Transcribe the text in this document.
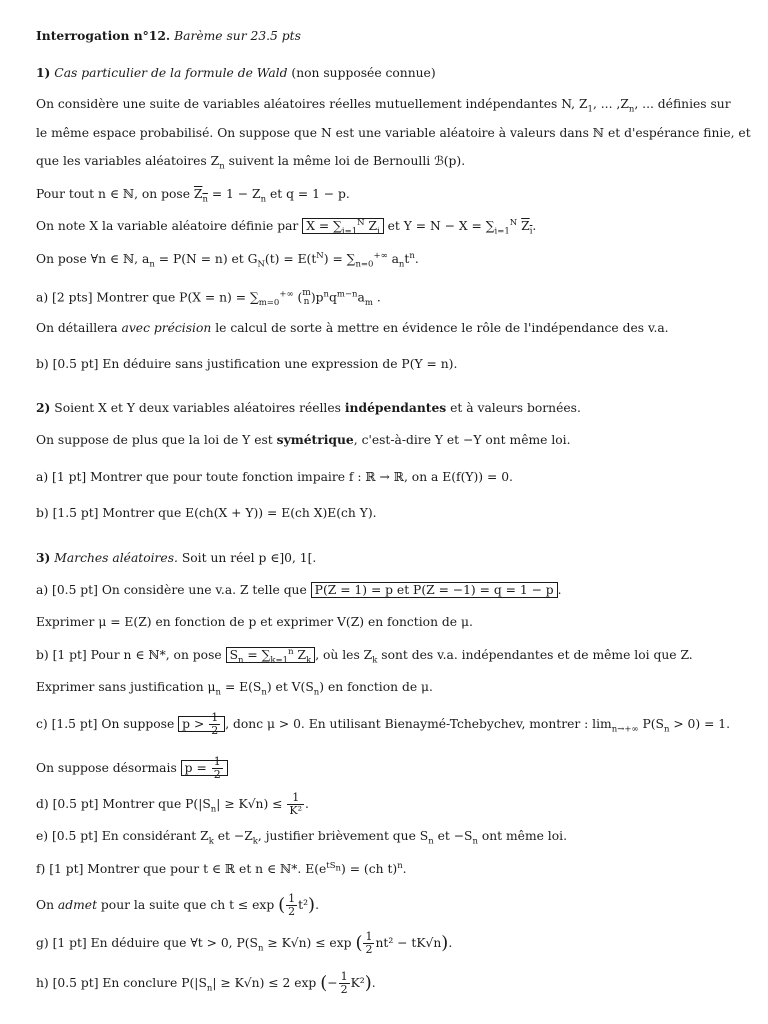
Interrogation n°12. Barème sur 23.5 pts
1) Cas particulier de la formule de Wald (non supposée connue)
On considère une suite de variables aléatoires réelles mutuellement indépendantes N, $Z_1$, ... $,Z_n$, ... définies sur
le même espace probabilisé. On suppose que N est une variable aléatoire à valeurs dans ℕ et d'espérance finie, et
que les variables aléatoires $Z_n$ suivent la même loi de Bernoulli ℬ(p).
Pour tout n ∈ ℕ, on pose $\overline{Z}_{\overline{n}} = 1 - Z_n$ et q = 1 − p.
On note X la variable aléatoire définie par $X = \sum_{i=1}^N$ $Z_i$ et $Y = N - X = \sum_{i=1}^N$ $\overline{Z}_{\overline{i}}$.
On pose ∀n ∈ ℕ, $a_n = P(N = n)$ et $G_N(t) = E(t^N) = \sum_{n=0}^{+\infty}$ $a_nt^n$.
a) [2 pts] Montrer que $P(X = n) = \sum_{m=0}^{+\infty}$ ( m
n )$p^nq^{m-n}a_m$ .
On détaillera avec précision le calcul de sorte à mettre en évidence le rôle de l'indépendance des v.a.
b) [0.5 pt] En déduire sans justification une expression de P(Y = n).
2) Soient X et Y deux variables aléatoires réelles indépendantes et à valeurs bornées.
On suppose de plus que la loi de Y est symétrique, c'est-à-dire Y et −Y ont même loi.
a) [1 pt] Montrer que pour toute fonction impaire f : ℝ → ℝ, on a E(f(Y)) = 0.
b) [1.5 pt] Montrer que E(ch(X + Y)) = E(ch X)E(ch Y).
3) Marches aléatoires. Soit un réel p ∈]0, 1[.
a) [0.5 pt] On considère une v.a. Z telle que P(Z = 1) = p et P(Z = −1) = q = 1 − p .
Exprimer μ = E(Z) en fonction de p et exprimer V(Z) en fonction de μ.
b) [1 pt] Pour n ∈ ℕ*, on pose $S_n = \sum_{k=1}^n$ $Z_k$ , où les $Z_k$ sont des v.a. indépendantes et de même loi que Z.
Exprimer sans justification $\mu_n = E(S_n)$ et $V(S_n)$ en fonction de μ.
c) [1.5 pt] On suppose $p > \frac{1}{2}$ , donc μ > 0. En utilisant Bienaymé-Tchebychev, montrer : $\lim_{n\to+\infty} P(S_n > 0) = 1$.
On suppose désormais $p = \frac{1}{2}$
d) [0.5 pt] Montrer que $P(|S_n| \ge K√n) \le \frac{1}{\text{K²}}$ .
e) [0.5 pt] En considérant $Z_k$ et $-Z_k$, justifier brièvement que $S_n$ et $-S_n$ ont même loi.
f) [1 pt] Montrer que pour t ∈ ℝ et n ∈ ℕ*. $E(e^{tS_n}) = (ch$ t)$^n$.
On admet pour la suite que ch t ≤ exp ( $\frac{1}{2} t^2$).
g) [1 pt] En déduire que ∀t > 0, $P(S_n \ge K√n) \le \exp$ ( $\frac{1}{2} nt^2 - tK√n$).
h) [0.5 pt] En conclure $P(|S_n| \ge K√n) \le 2$ exp (− $\frac{1}{2} K^2$).
